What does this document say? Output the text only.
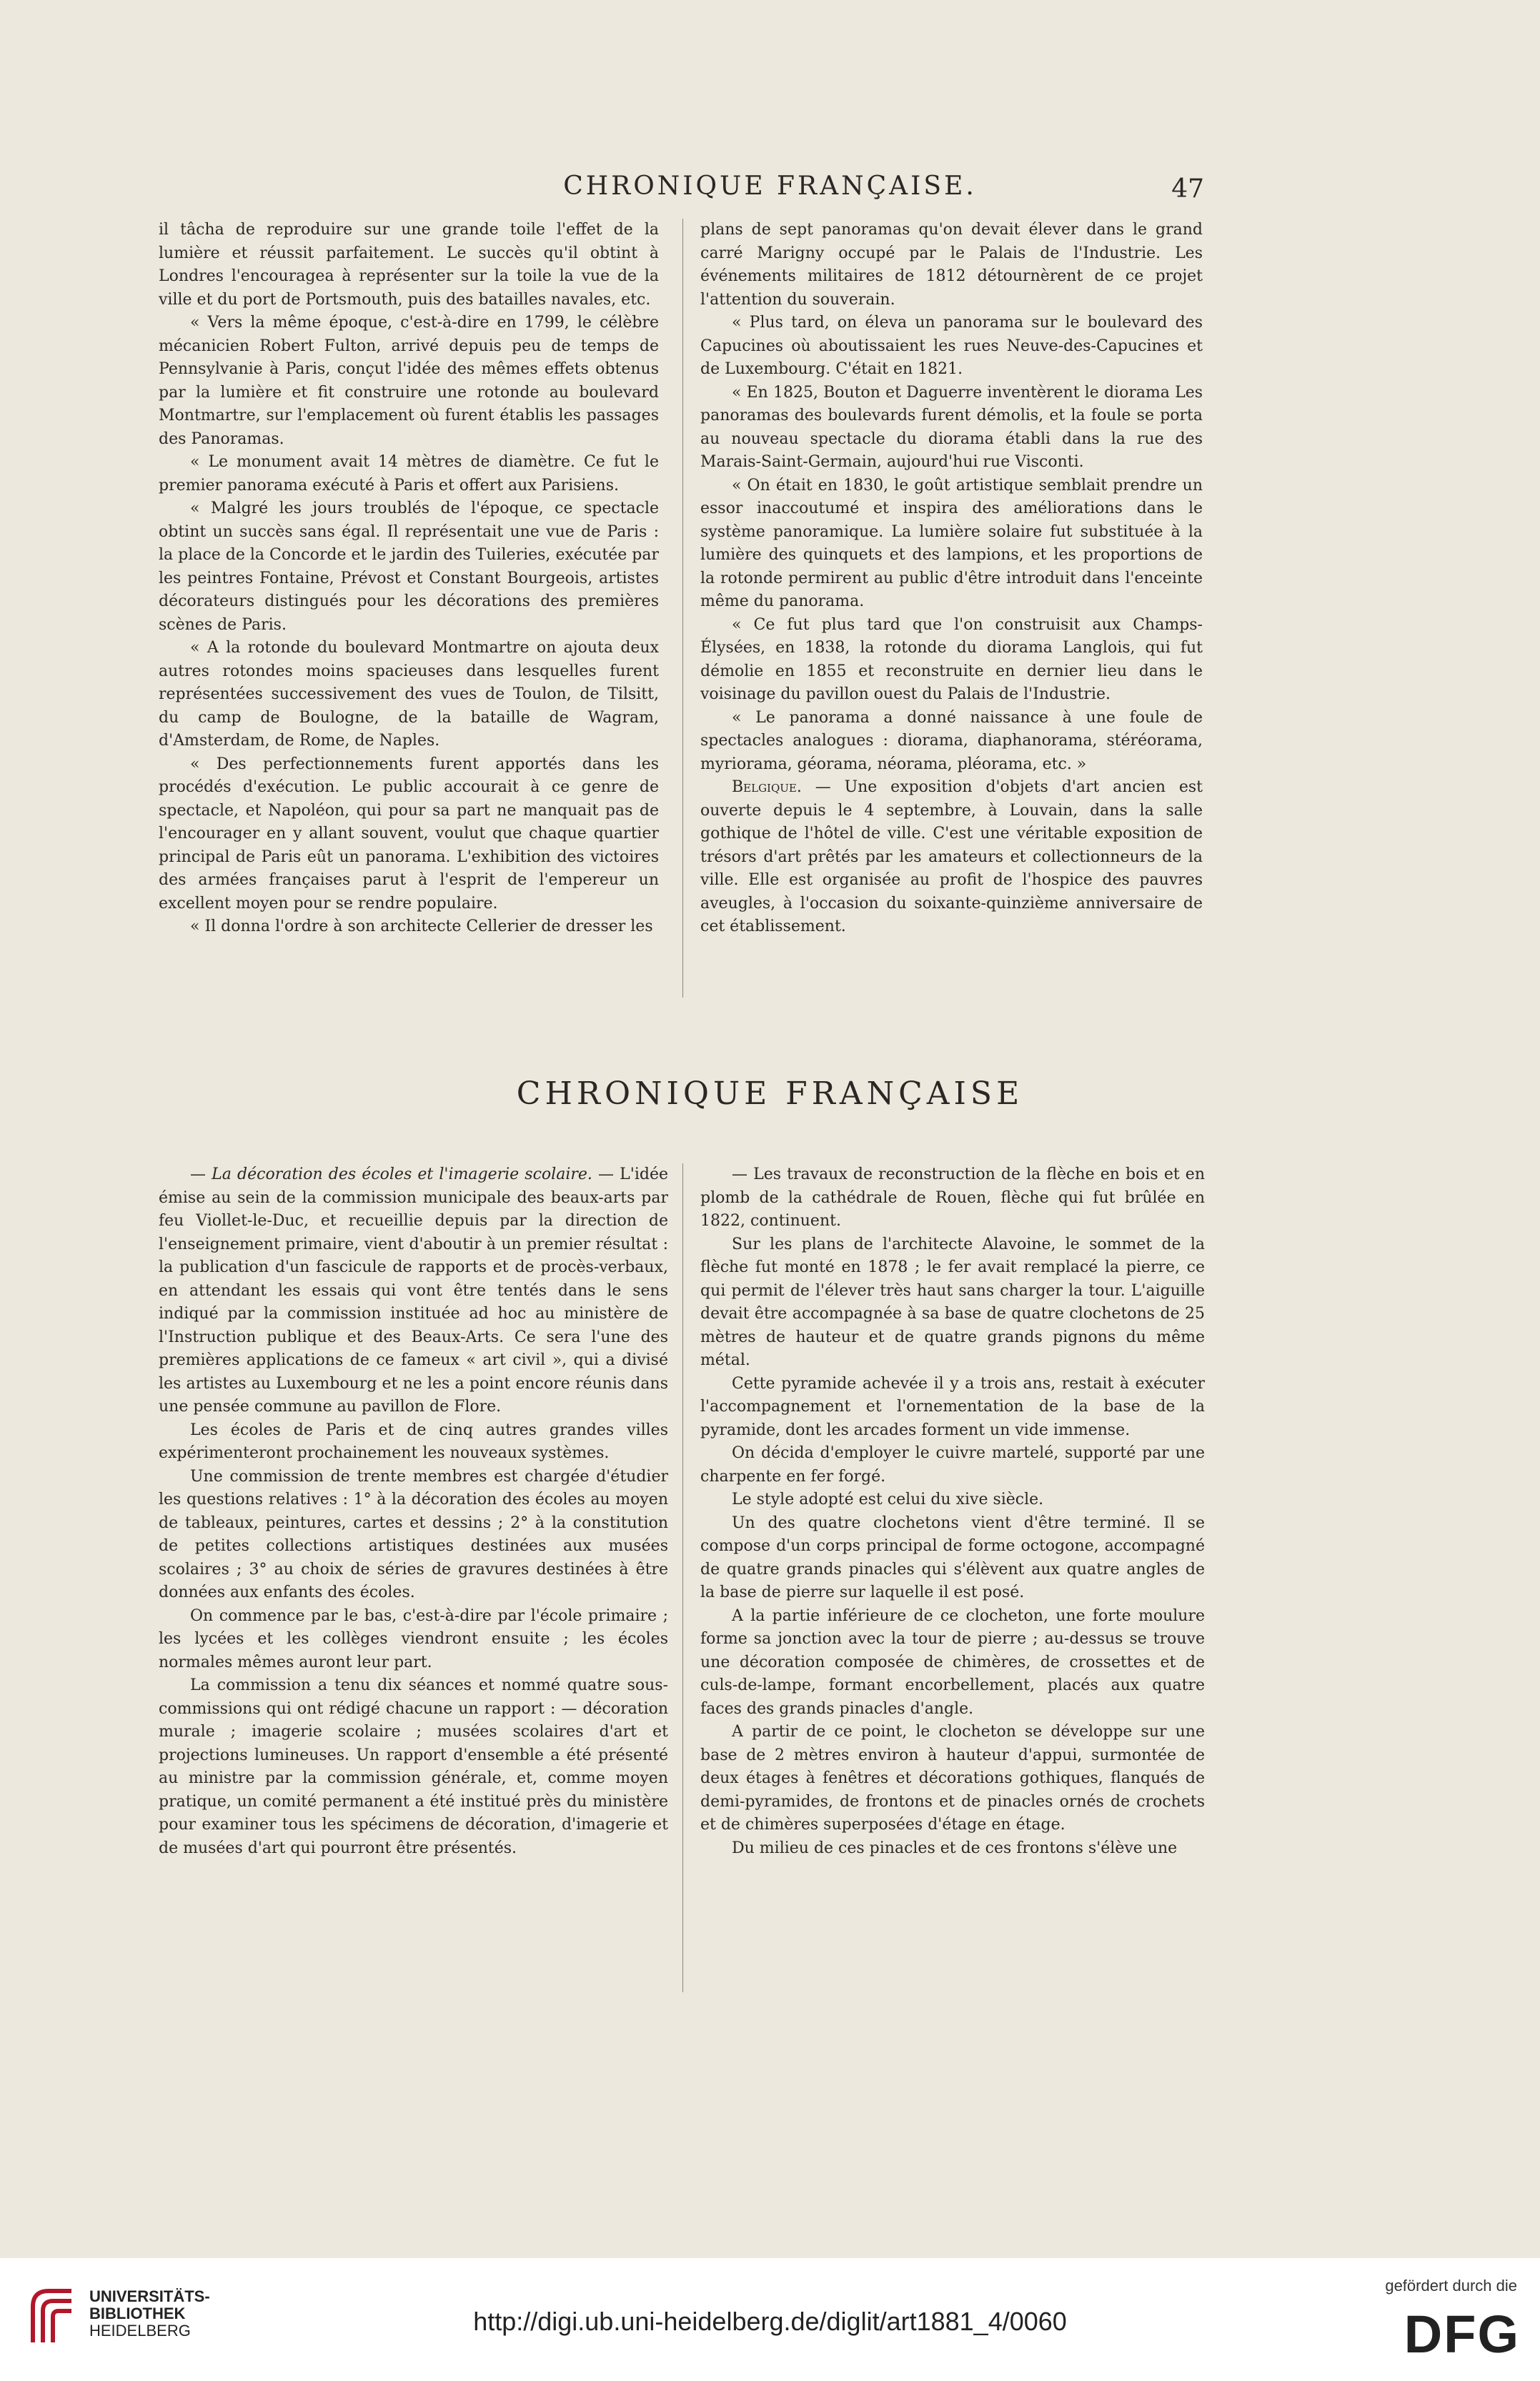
CHRONIQUE FRANÇAISE.	47

il tâcha de reproduire sur une grande toile l'effet de la lumière et réussit parfaitement. Le succès qu'il obtint à Londres l'encouragea à représenter sur la toile la vue de la ville et du port de Portsmouth, puis des batailles navales, etc.

« Vers la même époque, c'est-à-dire en 1799, le célèbre mécanicien Robert Fulton, arrivé depuis peu de temps de Pennsylvanie à Paris, conçut l'idée des mêmes effets obtenus par la lumière et fit construire une rotonde au boulevard Montmartre, sur l'emplacement où furent établis les passages des Panoramas.

« Le monument avait 14 mètres de diamètre. Ce fut le premier panorama exécuté à Paris et offert aux Parisiens.

« Malgré les jours troublés de l'époque, ce spectacle obtint un succès sans égal. Il représentait une vue de Paris : la place de la Concorde et le jardin des Tuileries, exécutée par les peintres Fontaine, Prévost et Constant Bourgeois, artistes décorateurs distingués pour les décorations des premières scènes de Paris.

« A la rotonde du boulevard Montmartre on ajouta deux autres rotondes moins spacieuses dans lesquelles furent représentées successivement des vues de Toulon, de Tilsitt, du camp de Boulogne, de la bataille de Wagram, d'Amsterdam, de Rome, de Naples.

« Des perfectionnements furent apportés dans les procédés d'exécution. Le public accourait à ce genre de spectacle, et Napoléon, qui pour sa part ne manquait pas de l'encourager en y allant souvent, voulut que chaque quartier principal de Paris eût un panorama. L'exhibition des victoires des armées françaises parut à l'esprit de l'empereur un excellent moyen pour se rendre populaire.

« Il donna l'ordre à son architecte Cellerier de dresser les

plans de sept panoramas qu'on devait élever dans le grand carré Marigny occupé par le Palais de l'Industrie. Les événements militaires de 1812 détournèrent de ce projet l'attention du souverain.

« Plus tard, on éleva un panorama sur le boulevard des Capucines où aboutissaient les rues Neuve-des-Capucines et de Luxembourg. C'était en 1821.

« En 1825, Bouton et Daguerre inventèrent le diorama Les panoramas des boulevards furent démolis, et la foule se porta au nouveau spectacle du diorama établi dans la rue des Marais-Saint-Germain, aujourd'hui rue Visconti.

« On était en 1830, le goût artistique semblait prendre un essor inaccoutumé et inspira des améliorations dans le système panoramique. La lumière solaire fut substituée à la lumière des quinquets et des lampions, et les proportions de la rotonde permirent au public d'être introduit dans l'enceinte même du panorama.

« Ce fut plus tard que l'on construisit aux Champs-Élysées, en 1838, la rotonde du diorama Langlois, qui fut démolie en 1855 et reconstruite en dernier lieu dans le voisinage du pavillon ouest du Palais de l'Industrie.

« Le panorama a donné naissance à une foule de spectacles analogues : diorama, diaphanorama, stéréorama, myriorama, géorama, néorama, pléorama, etc. »

Belgique. — Une exposition d'objets d'art ancien est ouverte depuis le 4 septembre, à Louvain, dans la salle gothique de l'hôtel de ville. C'est une véritable exposition de trésors d'art prêtés par les amateurs et collectionneurs de la ville. Elle est organisée au profit de l'hospice des pauvres aveugles, à l'occasion du soixante-quinzième anniversaire de cet établissement.

CHRONIQUE FRANÇAISE

— La décoration des écoles et l'imagerie scolaire. — L'idée émise au sein de la commission municipale des beaux-arts par feu Viollet-le-Duc, et recueillie depuis par la direction de l'enseignement primaire, vient d'aboutir à un premier résultat : la publication d'un fascicule de rapports et de procès-verbaux, en attendant les essais qui vont être tentés dans le sens indiqué par la commission instituée ad hoc au ministère de l'Instruction publique et des Beaux-Arts. Ce sera l'une des premières applications de ce fameux « art civil », qui a divisé les artistes au Luxembourg et ne les a point encore réunis dans une pensée commune au pavillon de Flore.

Les écoles de Paris et de cinq autres grandes villes expérimenteront prochainement les nouveaux systèmes.

Une commission de trente membres est chargée d'étudier les questions relatives : 1° à la décoration des écoles au moyen de tableaux, peintures, cartes et dessins ; 2° à la constitution de petites collections artistiques destinées aux musées scolaires ; 3° au choix de séries de gravures destinées à être données aux enfants des écoles.

On commence par le bas, c'est-à-dire par l'école primaire ; les lycées et les collèges viendront ensuite ; les écoles normales mêmes auront leur part.

La commission a tenu dix séances et nommé quatre sous-commissions qui ont rédigé chacune un rapport : — décoration murale ; imagerie scolaire ; musées scolaires d'art et projections lumineuses. Un rapport d'ensemble a été présenté au ministre par la commission générale, et, comme moyen pratique, un comité permanent a été institué près du ministère pour examiner tous les spécimens de décoration, d'imagerie et de musées d'art qui pourront être présentés.

— Les travaux de reconstruction de la flèche en bois et en plomb de la cathédrale de Rouen, flèche qui fut brûlée en 1822, continuent.

Sur les plans de l'architecte Alavoine, le sommet de la flèche fut monté en 1878 ; le fer avait remplacé la pierre, ce qui permit de l'élever très haut sans charger la tour. L'aiguille devait être accompagnée à sa base de quatre clochetons de 25 mètres de hauteur et de quatre grands pignons du même métal.

Cette pyramide achevée il y a trois ans, restait à exécuter l'accompagnement et l'ornementation de la base de la pyramide, dont les arcades forment un vide immense.

On décida d'employer le cuivre martelé, supporté par une charpente en fer forgé.

Le style adopté est celui du xive siècle.

Un des quatre clochetons vient d'être terminé. Il se compose d'un corps principal de forme octogone, accompagné de quatre grands pinacles qui s'élèvent aux quatre angles de la base de pierre sur laquelle il est posé.

A la partie inférieure de ce clocheton, une forte moulure forme sa jonction avec la tour de pierre ; au-dessus se trouve une décoration composée de chimères, de crossettes et de culs-de-lampe, formant encorbellement, placés aux quatre faces des grands pinacles d'angle.

A partir de ce point, le clocheton se développe sur une base de 2 mètres environ à hauteur d'appui, surmontée de deux étages à fenêtres et décorations gothiques, flanqués de demi-pyramides, de frontons et de pinacles ornés de crochets et de chimères superposées d'étage en étage.

Du milieu de ces pinacles et de ces frontons s'élève une

UNIVERSITÄTS-
BIBLIOTHEK
HEIDELBERG	http://digi.ub.uni-heidelberg.de/diglit/art1881_4/0060
gefördert durch die
DFG
